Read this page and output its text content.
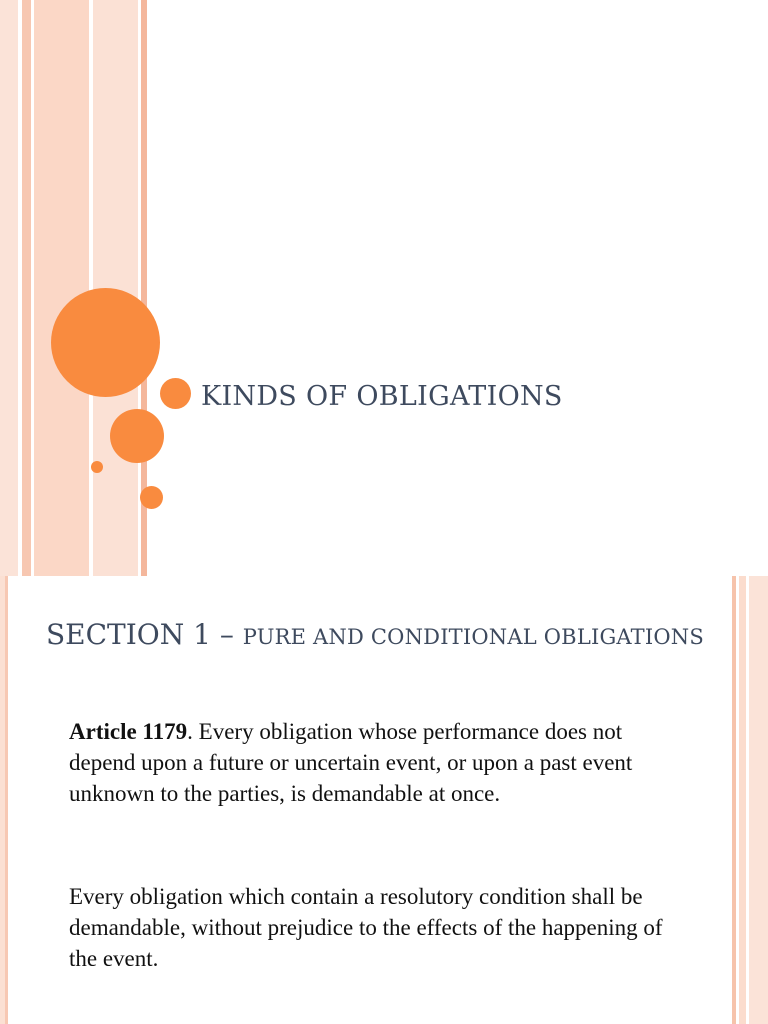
KINDS OF OBLIGATIONS
SECTION 1 – PURE AND CONDITIONAL OBLIGATIONS
Article 1179. Every obligation whose performance does not depend upon a future or uncertain event, or upon a past event unknown to the parties, is demandable at once.
Every obligation which contain a resolutory condition shall be demandable, without prejudice to the effects of the happening of the event.
